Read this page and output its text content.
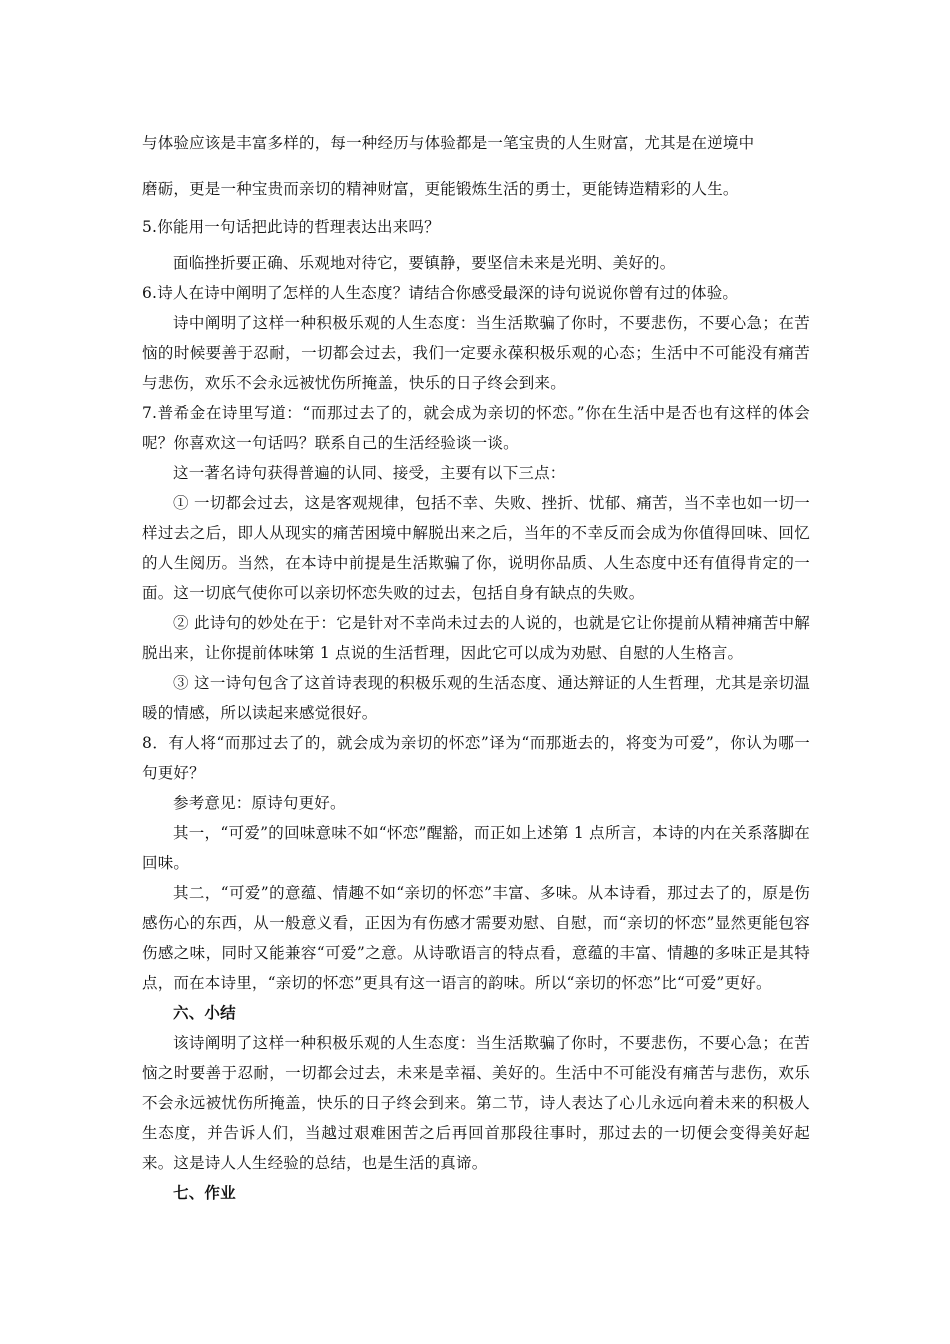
与体验应该是丰富多样的，每一种经历与体验都是一笔宝贵的人生财富，尤其是在逆境中

磨砺，更是一种宝贵而亲切的精神财富，更能锻炼生活的勇士，更能铸造精彩的人生。

5.你能用一句话把此诗的哲理表达出来吗？

面临挫折要正确、乐观地对待它，要镇静，要坚信未来是光明、美好的。

6.诗人在诗中阐明了怎样的人生态度？请结合你感受最深的诗句说说你曾有过的体验。

诗中阐明了这样一种积极乐观的人生态度：当生活欺骗了你时，不要悲伤，不要心急；在苦恼的时候要善于忍耐，一切都会过去，我们一定要永葆积极乐观的心态；生活中不可能没有痛苦与悲伤，欢乐不会永远被忧伤所掩盖，快乐的日子终会到来。

7.普希金在诗里写道：“而那过去了的，就会成为亲切的怀恋。”你在生活中是否也有这样的体会呢？你喜欢这一句话吗？联系自己的生活经验谈一谈。

这一著名诗句获得普遍的认同、接受，主要有以下三点：

① 一切都会过去，这是客观规律，包括不幸、失败、挫折、忧郁、痛苦，当不幸也如一切一样过去之后，即人从现实的痛苦困境中解脱出来之后，当年的不幸反而会成为你值得回味、回忆的人生阅历。当然，在本诗中前提是生活欺骗了你，说明你品质、人生态度中还有值得肯定的一面。这一切底气使你可以亲切怀恋失败的过去，包括自身有缺点的失败。

② 此诗句的妙处在于：它是针对不幸尚未过去的人说的，也就是它让你提前从精神痛苦中解脱出来，让你提前体味第 1 点说的生活哲理，因此它可以成为劝慰、自慰的人生格言。

③ 这一诗句包含了这首诗表现的积极乐观的生活态度、通达辩证的人生哲理，尤其是亲切温暖的情感，所以读起来感觉很好。

8．有人将“而那过去了的，就会成为亲切的怀恋”译为“而那逝去的，将变为可爱”，你认为哪一句更好？

参考意见：原诗句更好。

其一，“可爱”的回味意味不如“怀恋”醒豁，而正如上述第 1 点所言，本诗的内在关系落脚在回味。

其二，“可爱”的意蕴、情趣不如“亲切的怀恋”丰富、多味。从本诗看，那过去了的，原是伤感伤心的东西，从一般意义看，正因为有伤感才需要劝慰、自慰，而“亲切的怀恋”显然更能包容伤感之味，同时又能兼容“可爱”之意。从诗歌语言的特点看，意蕴的丰富、情趣的多味正是其特点，而在本诗里，“亲切的怀恋”更具有这一语言的韵味。所以“亲切的怀恋”比“可爱”更好。

六、小结

该诗阐明了这样一种积极乐观的人生态度：当生活欺骗了你时，不要悲伤，不要心急；在苦恼之时要善于忍耐，一切都会过去，未来是幸福、美好的。生活中不可能没有痛苦与悲伤，欢乐不会永远被忧伤所掩盖，快乐的日子终会到来。第二节，诗人表达了心儿永远向着未来的积极人生态度，并告诉人们，当越过艰难困苦之后再回首那段往事时，那过去的一切便会变得美好起来。这是诗人人生经验的总结，也是生活的真谛。

七、作业
